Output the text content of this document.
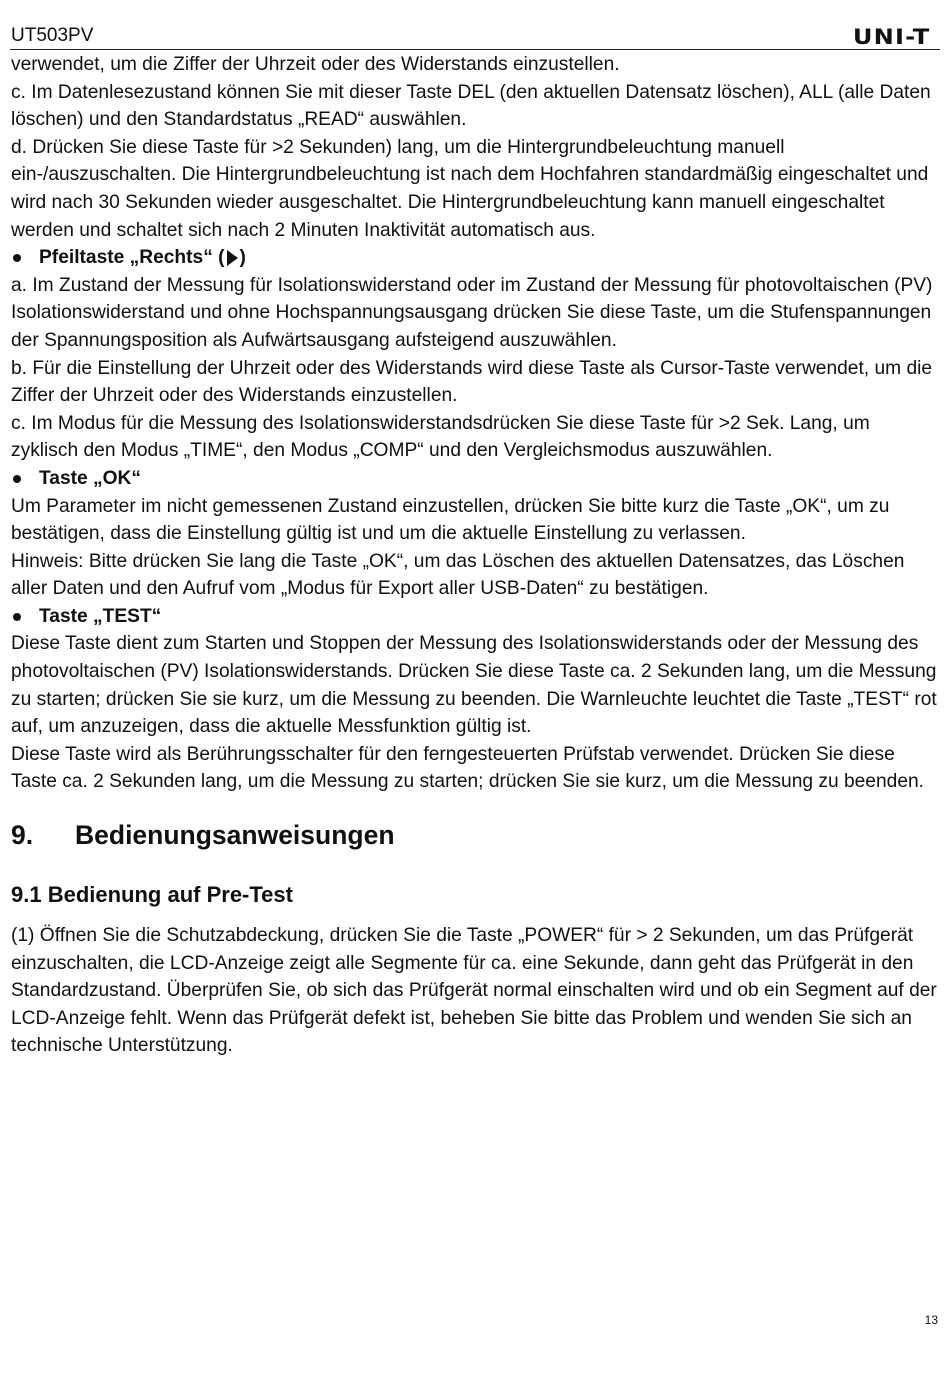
UT503PV	UNI-T

verwendet, um die Ziffer der Uhrzeit oder des Widerstands einzustellen.

c. Im Datenlesezustand können Sie mit dieser Taste DEL (den aktuellen Datensatz löschen), ALL (alle Daten löschen) und den Standardstatus „READ“ auswählen.

d. Drücken Sie diese Taste für >2 Sekunden) lang, um die Hintergrundbeleuchtung manuell ein-/auszuschalten. Die Hintergrundbeleuchtung ist nach dem Hochfahren standardmäßig eingeschaltet und wird nach 30 Sekunden wieder ausgeschaltet. Die Hintergrundbeleuchtung kann manuell eingeschaltet werden und schaltet sich nach 2 Minuten Inaktivität automatisch aus.

Pfeiltaste „Rechts“ ( )

a. Im Zustand der Messung für Isolationswiderstand oder im Zustand der Messung für photovoltaischen (PV) Isolationswiderstand und ohne Hochspannungsausgang drücken Sie diese Taste, um die Stufenspannungen der Spannungsposition als Aufwärtsausgang aufsteigend auszuwählen.

b. Für die Einstellung der Uhrzeit oder des Widerstands wird diese Taste als Cursor-Taste verwendet, um die Ziffer der Uhrzeit oder des Widerstands einzustellen.

c. Im Modus für die Messung des Isolationswiderstandsdrücken Sie diese Taste für >2 Sek. Lang, um zyklisch den Modus „TIME“, den Modus „COMP“ und den Vergleichsmodus auszuwählen.

Taste „OK“

Um Parameter im nicht gemessenen Zustand einzustellen, drücken Sie bitte kurz die Taste „OK“, um zu bestätigen, dass die Einstellung gültig ist und um die aktuelle Einstellung zu verlassen.

Hinweis: Bitte drücken Sie lang die Taste „OK“, um das Löschen des aktuellen Datensatzes, das Löschen aller Daten und den Aufruf vom „Modus für Export aller USB-Daten“ zu bestätigen.

Taste „TEST“

Diese Taste dient zum Starten und Stoppen der Messung des Isolationswiderstands oder der Messung des photovoltaischen (PV) Isolationswiderstands. Drücken Sie diese Taste ca. 2 Sekunden lang, um die Messung zu starten; drücken Sie sie kurz, um die Messung zu beenden. Die Warnleuchte leuchtet die Taste „TEST“ rot auf, um anzuzeigen, dass die aktuelle Messfunktion gültig ist.

Diese Taste wird als Berührungsschalter für den ferngesteuerten Prüfstab verwendet. Drücken Sie diese Taste ca. 2 Sekunden lang, um die Messung zu starten; drücken Sie sie kurz, um die Messung zu beenden.

9.	Bedienungsanweisungen
9.1 Bedienung auf Pre-Test

(1) Öffnen Sie die Schutzabdeckung, drücken Sie die Taste „POWER“ für > 2 Sekunden, um das Prüfgerät einzuschalten, die LCD-Anzeige zeigt alle Segmente für ca. eine Sekunde, dann geht das Prüfgerät in den Standardzustand. Überprüfen Sie, ob sich das Prüfgerät normal einschalten wird und ob ein Segment auf der LCD-Anzeige fehlt. Wenn das Prüfgerät defekt ist, beheben Sie bitte das Problem und wenden Sie sich an technische Unterstützung.

13
